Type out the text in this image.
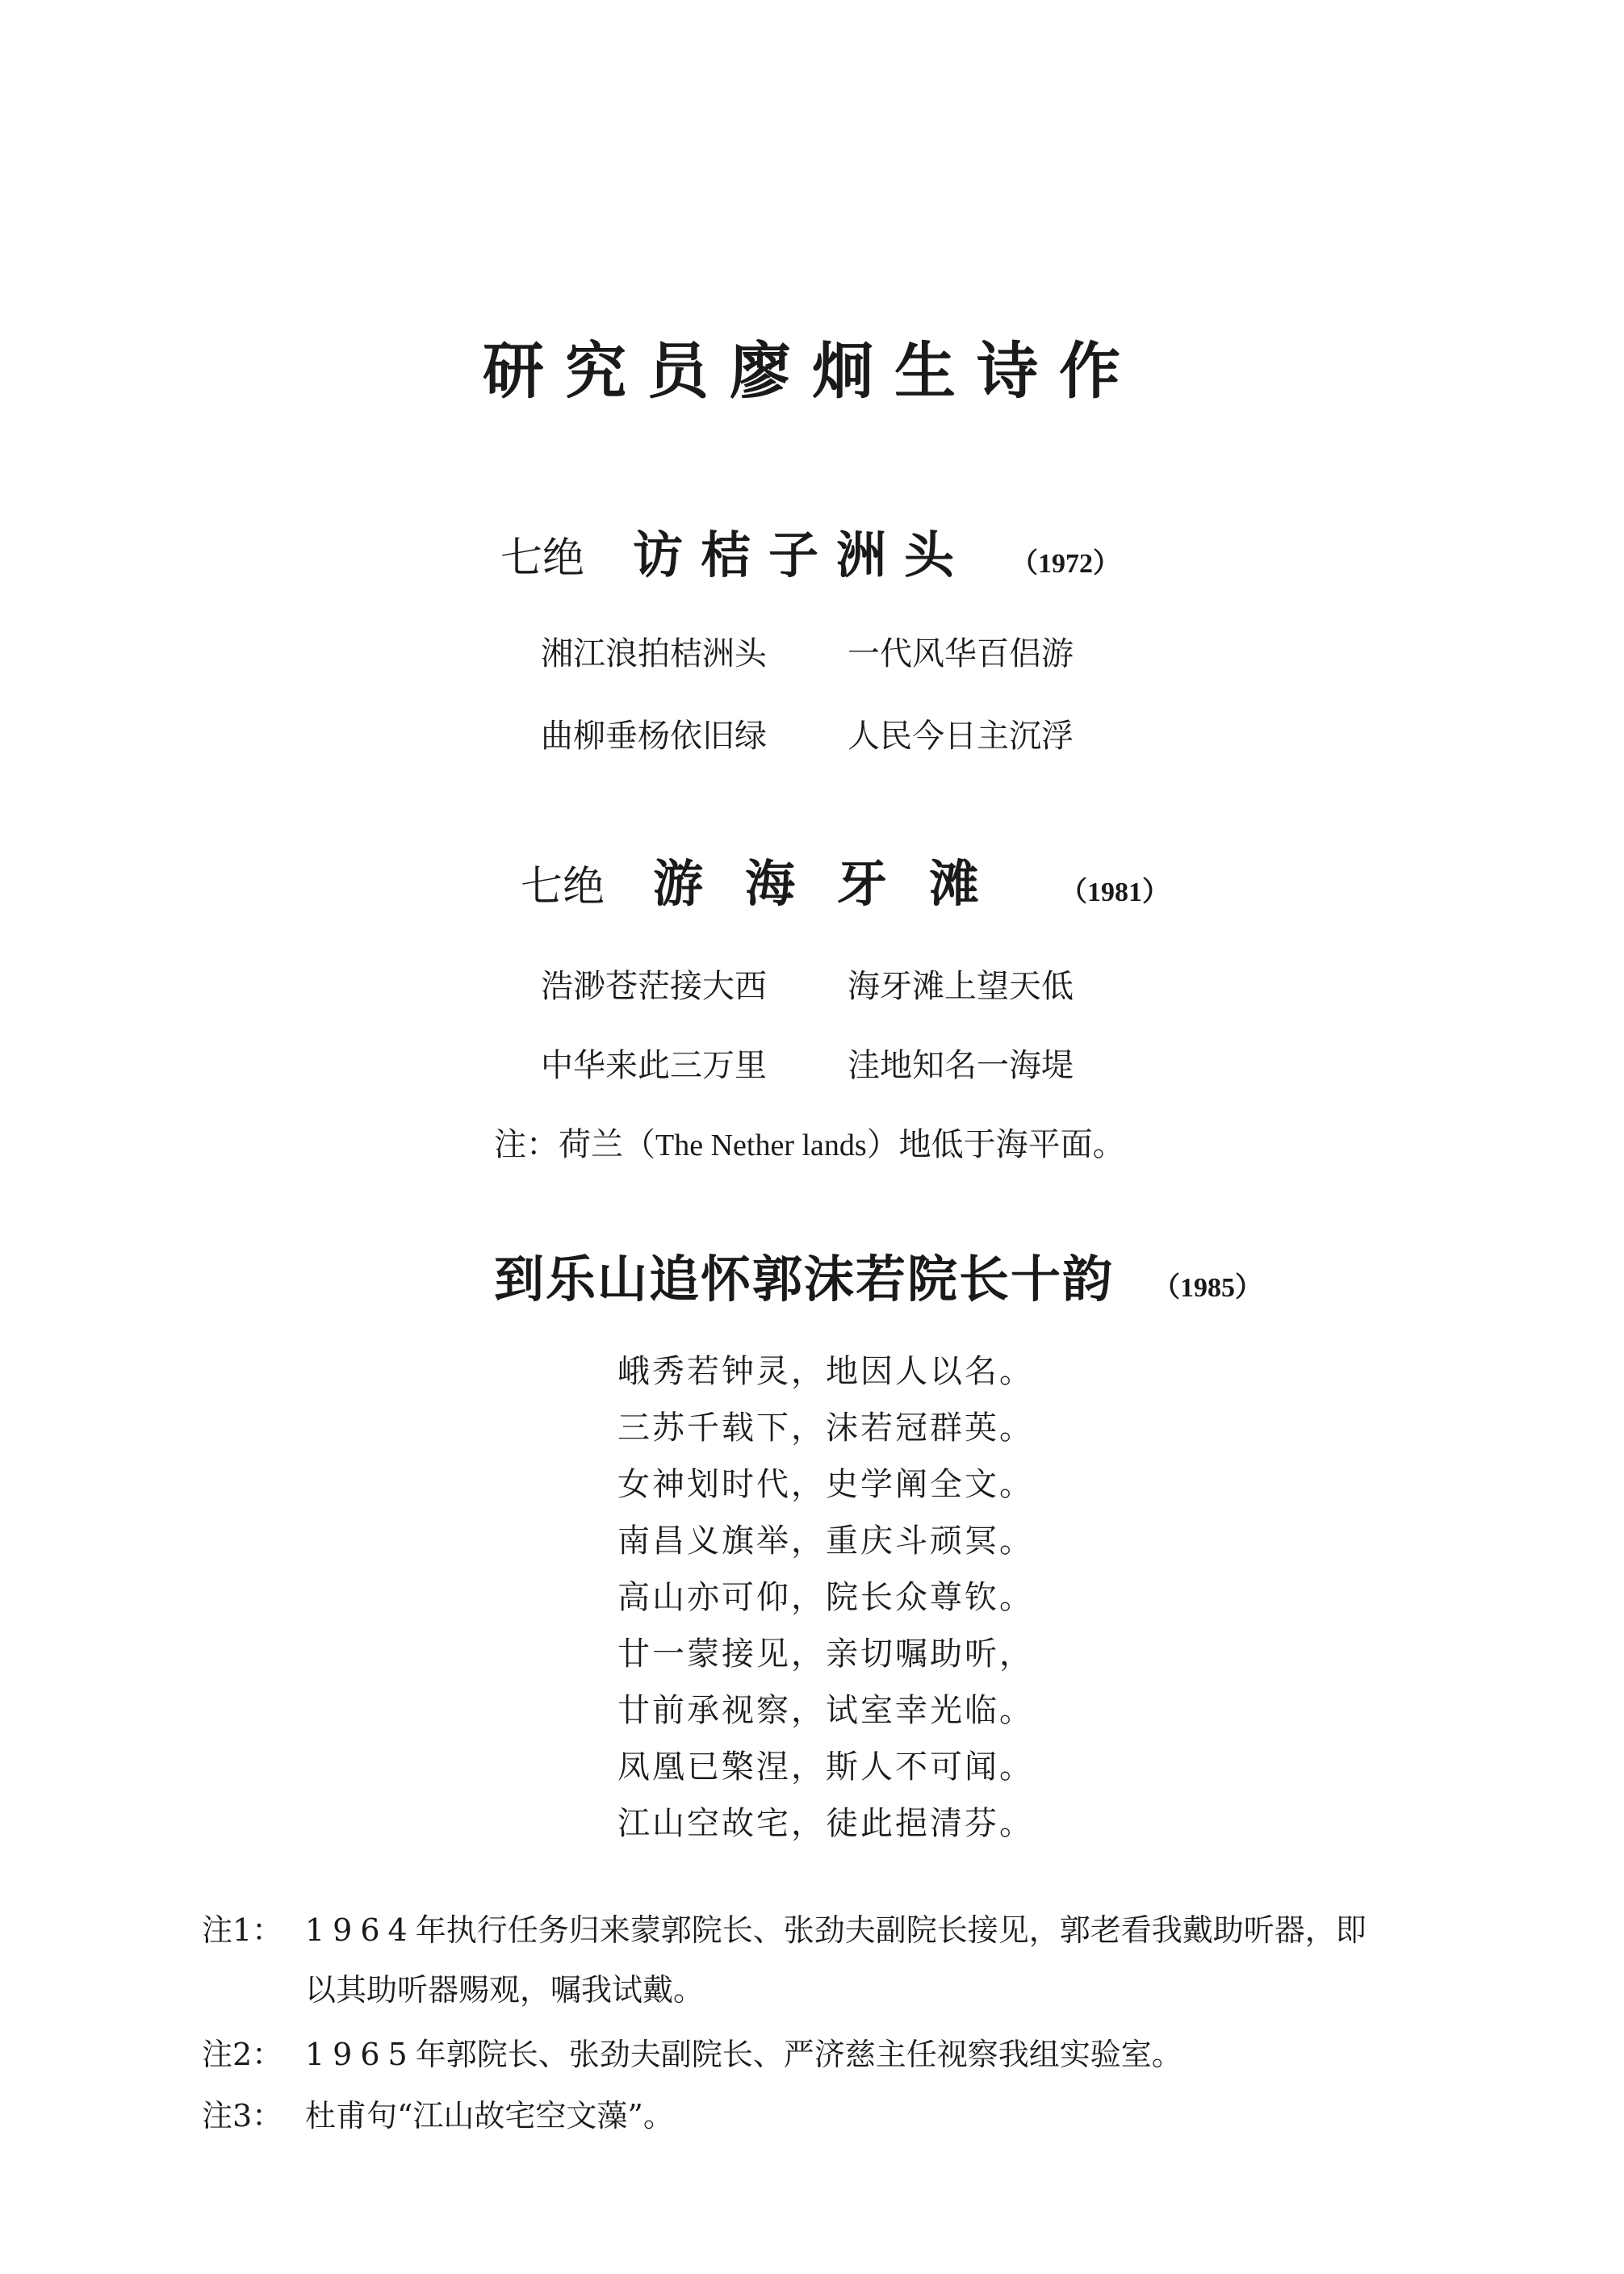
研究员廖炯生诗作
七绝 访桔子洲头 （1972）
湘江浪拍桔洲头	一代风华百侣游
曲柳垂杨依旧绿	人民今日主沉浮
七绝 游海牙滩 （1981）
浩渺苍茫接大西	海牙滩上望天低
中华来此三万里	洼地知名一海堤
注：荷兰（The Nether lands）地低于海平面。
到乐山追怀郭沫若院长十韵 （1985）
峨秀若钟灵，地因人以名。
三苏千载下，沫若冠群英。
女神划时代，史学阐全文。
南昌义旗举，重庆斗顽冥。
高山亦可仰，院长众尊钦。
廿一蒙接见，亲切嘱助听，
廿前承视察，试室幸光临。
凤凰已檠涅，斯人不可闻。
江山空故宅，徒此挹清芬。
注1： 1964年执行任务归来蒙郭院长、张劲夫副院长接见，郭老看我戴助听器，即
以其助听器赐观，嘱我试戴。
注2： 1965年郭院长、张劲夫副院长、严济慈主任视察我组实验室。
注3： 杜甫句“江山故宅空文藻”。
